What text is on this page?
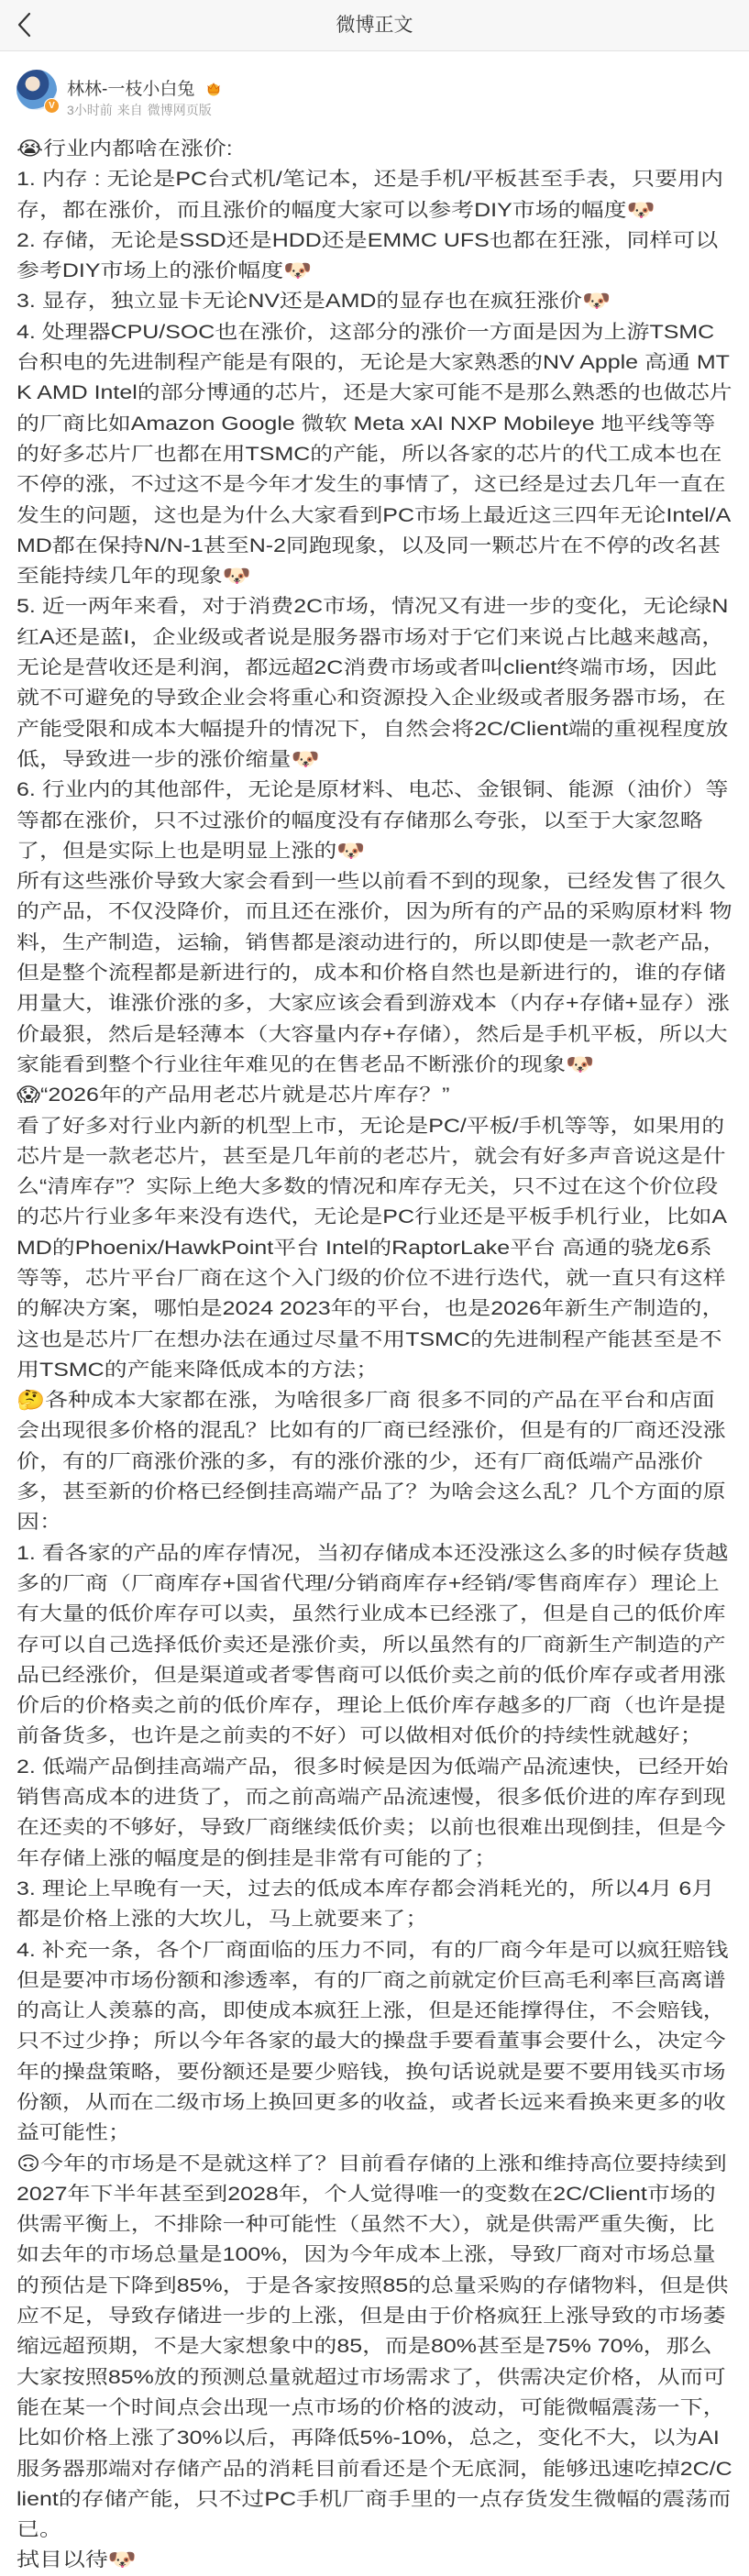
微博正文
V
林林-一枝小白兔
3小时前 来自 微博网页版

😭行业内都啥在涨价:

1. 内存 : 无论是PC台式机/笔记本，还是手机/平板甚至手表，只要用内存，都在涨价，而且涨价的幅度大家可以参考DIY市场的幅度🐶

2. 存储，无论是SSD还是HDD还是EMMC UFS也都在狂涨，同样可以参考DIY市场上的涨价幅度🐶

3. 显存，独立显卡无论NV还是AMD的显存也在疯狂涨价🐶

4. 处理器CPU/SOC也在涨价，这部分的涨价一方面是因为上游TSMC台积电的先进制程产能是有限的，无论是大家熟悉的NV Apple 高通 MTK AMD Intel的部分博通的芯片，还是大家可能不是那么熟悉的也做芯片的厂商比如Amazon Google 微软 Meta xAI NXP Mobileye 地平线等等的好多芯片厂也都在用TSMC的产能，所以各家的芯片的代工成本也在不停的涨，不过这不是今年才发生的事情了，这已经是过去几年一直在发生的问题，这也是为什么大家看到PC市场上最近这三四年无论Intel/AMD都在保持N/N-1甚至N-2同跑现象，以及同一颗芯片在不停的改名甚至能持续几年的现象🐶

5. 近一两年来看，对于消费2C市场，情况又有进一步的变化，无论绿N 红A还是蓝I，企业级或者说是服务器市场对于它们来说占比越来越高，无论是营收还是利润，都远超2C消费市场或者叫client终端市场，因此就不可避免的导致企业会将重心和资源投入企业级或者服务器市场，在产能受限和成本大幅提升的情况下，自然会将2C/Client端的重视程度放低，导致进一步的涨价缩量🐶

6. 行业内的其他部件，无论是原材料、电芯、金银铜、能源（油价）等等都在涨价，只不过涨价的幅度没有存储那么夸张，以至于大家忽略了，但是实际上也是明显上涨的🐶

所有这些涨价导致大家会看到一些以前看不到的现象，已经发售了很久的产品，不仅没降价，而且还在涨价，因为所有的产品的采购原材料 物料，生产制造，运输，销售都是滚动进行的，所以即使是一款老产品，但是整个流程都是新进行的，成本和价格自然也是新进行的，谁的存储用量大，谁涨价涨的多，大家应该会看到游戏本（内存+存储+显存）涨价最狠，然后是轻薄本（大容量内存+存储），然后是手机平板，所以大家能看到整个行业往年难见的在售老品不断涨价的现象🐶

😱“2026年的产品用老芯片就是芯片库存？”

看了好多对行业内新的机型上市，无论是PC/平板/手机等等，如果用的芯片是一款老芯片，甚至是几年前的老芯片，就会有好多声音说这是什么“清库存”？实际上绝大多数的情况和库存无关，只不过在这个价位段的芯片行业多年来没有迭代，无论是PC行业还是平板手机行业，比如AMD的Phoenix/HawkPoint平台 Intel的RaptorLake平台 高通的骁龙6系等等，芯片平台厂商在这个入门级的价位不进行迭代，就一直只有这样的解决方案，哪怕是2024 2023年的平台，也是2026年新生产制造的，这也是芯片厂在想办法在通过尽量不用TSMC的先进制程产能甚至是不用TSMC的产能来降低成本的方法；

🤔各种成本大家都在涨，为啥很多厂商 很多不同的产品在平台和店面会出现很多价格的混乱？比如有的厂商已经涨价，但是有的厂商还没涨价，有的厂商涨价涨的多，有的涨价涨的少，还有厂商低端产品涨价多，甚至新的价格已经倒挂高端产品了？为啥会这么乱？几个方面的原因：

1. 看各家的产品的库存情况，当初存储成本还没涨这么多的时候存货越多的厂商（厂商库存+国省代理/分销商库存+经销/零售商库存）理论上有大量的低价库存可以卖，虽然行业成本已经涨了，但是自己的低价库存可以自己选择低价卖还是涨价卖，所以虽然有的厂商新生产制造的产品已经涨价，但是渠道或者零售商可以低价卖之前的低价库存或者用涨价后的价格卖之前的低价库存，理论上低价库存越多的厂商（也许是提前备货多，也许是之前卖的不好）可以做相对低价的持续性就越好；

2. 低端产品倒挂高端产品，很多时候是因为低端产品流速快，已经开始销售高成本的进货了，而之前高端产品流速慢，很多低价进的库存到现在还卖的不够好，导致厂商继续低价卖；以前也很难出现倒挂，但是今年存储上涨的幅度是的倒挂是非常有可能的了；

3. 理论上早晚有一天，过去的低成本库存都会消耗光的，所以4月 6月都是价格上涨的大坎儿，马上就要来了；

4. 补充一条，各个厂商面临的压力不同，有的厂商今年是可以疯狂赔钱但是要冲市场份额和渗透率，有的厂商之前就定价巨高毛利率巨高离谱的高让人羡慕的高，即使成本疯狂上涨，但是还能撑得住，不会赔钱，只不过少挣；所以今年各家的最大的操盘手要看董事会要什么，决定今年的操盘策略，要份额还是要少赔钱，换句话说就是要不要用钱买市场份额，从而在二级市场上换回更多的收益，或者长远来看换来更多的收益可能性；

🙃今年的市场是不是就这样了？目前看存储的上涨和维持高位要持续到2027年下半年甚至到2028年，个人觉得唯一的变数在2C/Client市场的供需平衡上，不排除一种可能性（虽然不大），就是供需严重失衡，比如去年的市场总量是100%，因为今年成本上涨，导致厂商对市场总量的预估是下降到85%，于是各家按照85的总量采购的存储物料，但是供应不足，导致存储进一步的上涨，但是由于价格疯狂上涨导致的市场萎缩远超预期，不是大家想象中的85，而是80%甚至是75% 70%，那么大家按照85%放的预测总量就超过市场需求了，供需决定价格，从而可能在某一个时间点会出现一点市场的价格的波动，可能微幅震荡一下，比如价格上涨了30%以后，再降低5%-10%，总之，变化不大，以为AI服务器那端对存储产品的消耗目前看还是个无底洞，能够迅速吃掉2C/Client的存储产能，只不过PC手机厂商手里的一点存货发生微幅的震荡而已。

拭目以待🐶
